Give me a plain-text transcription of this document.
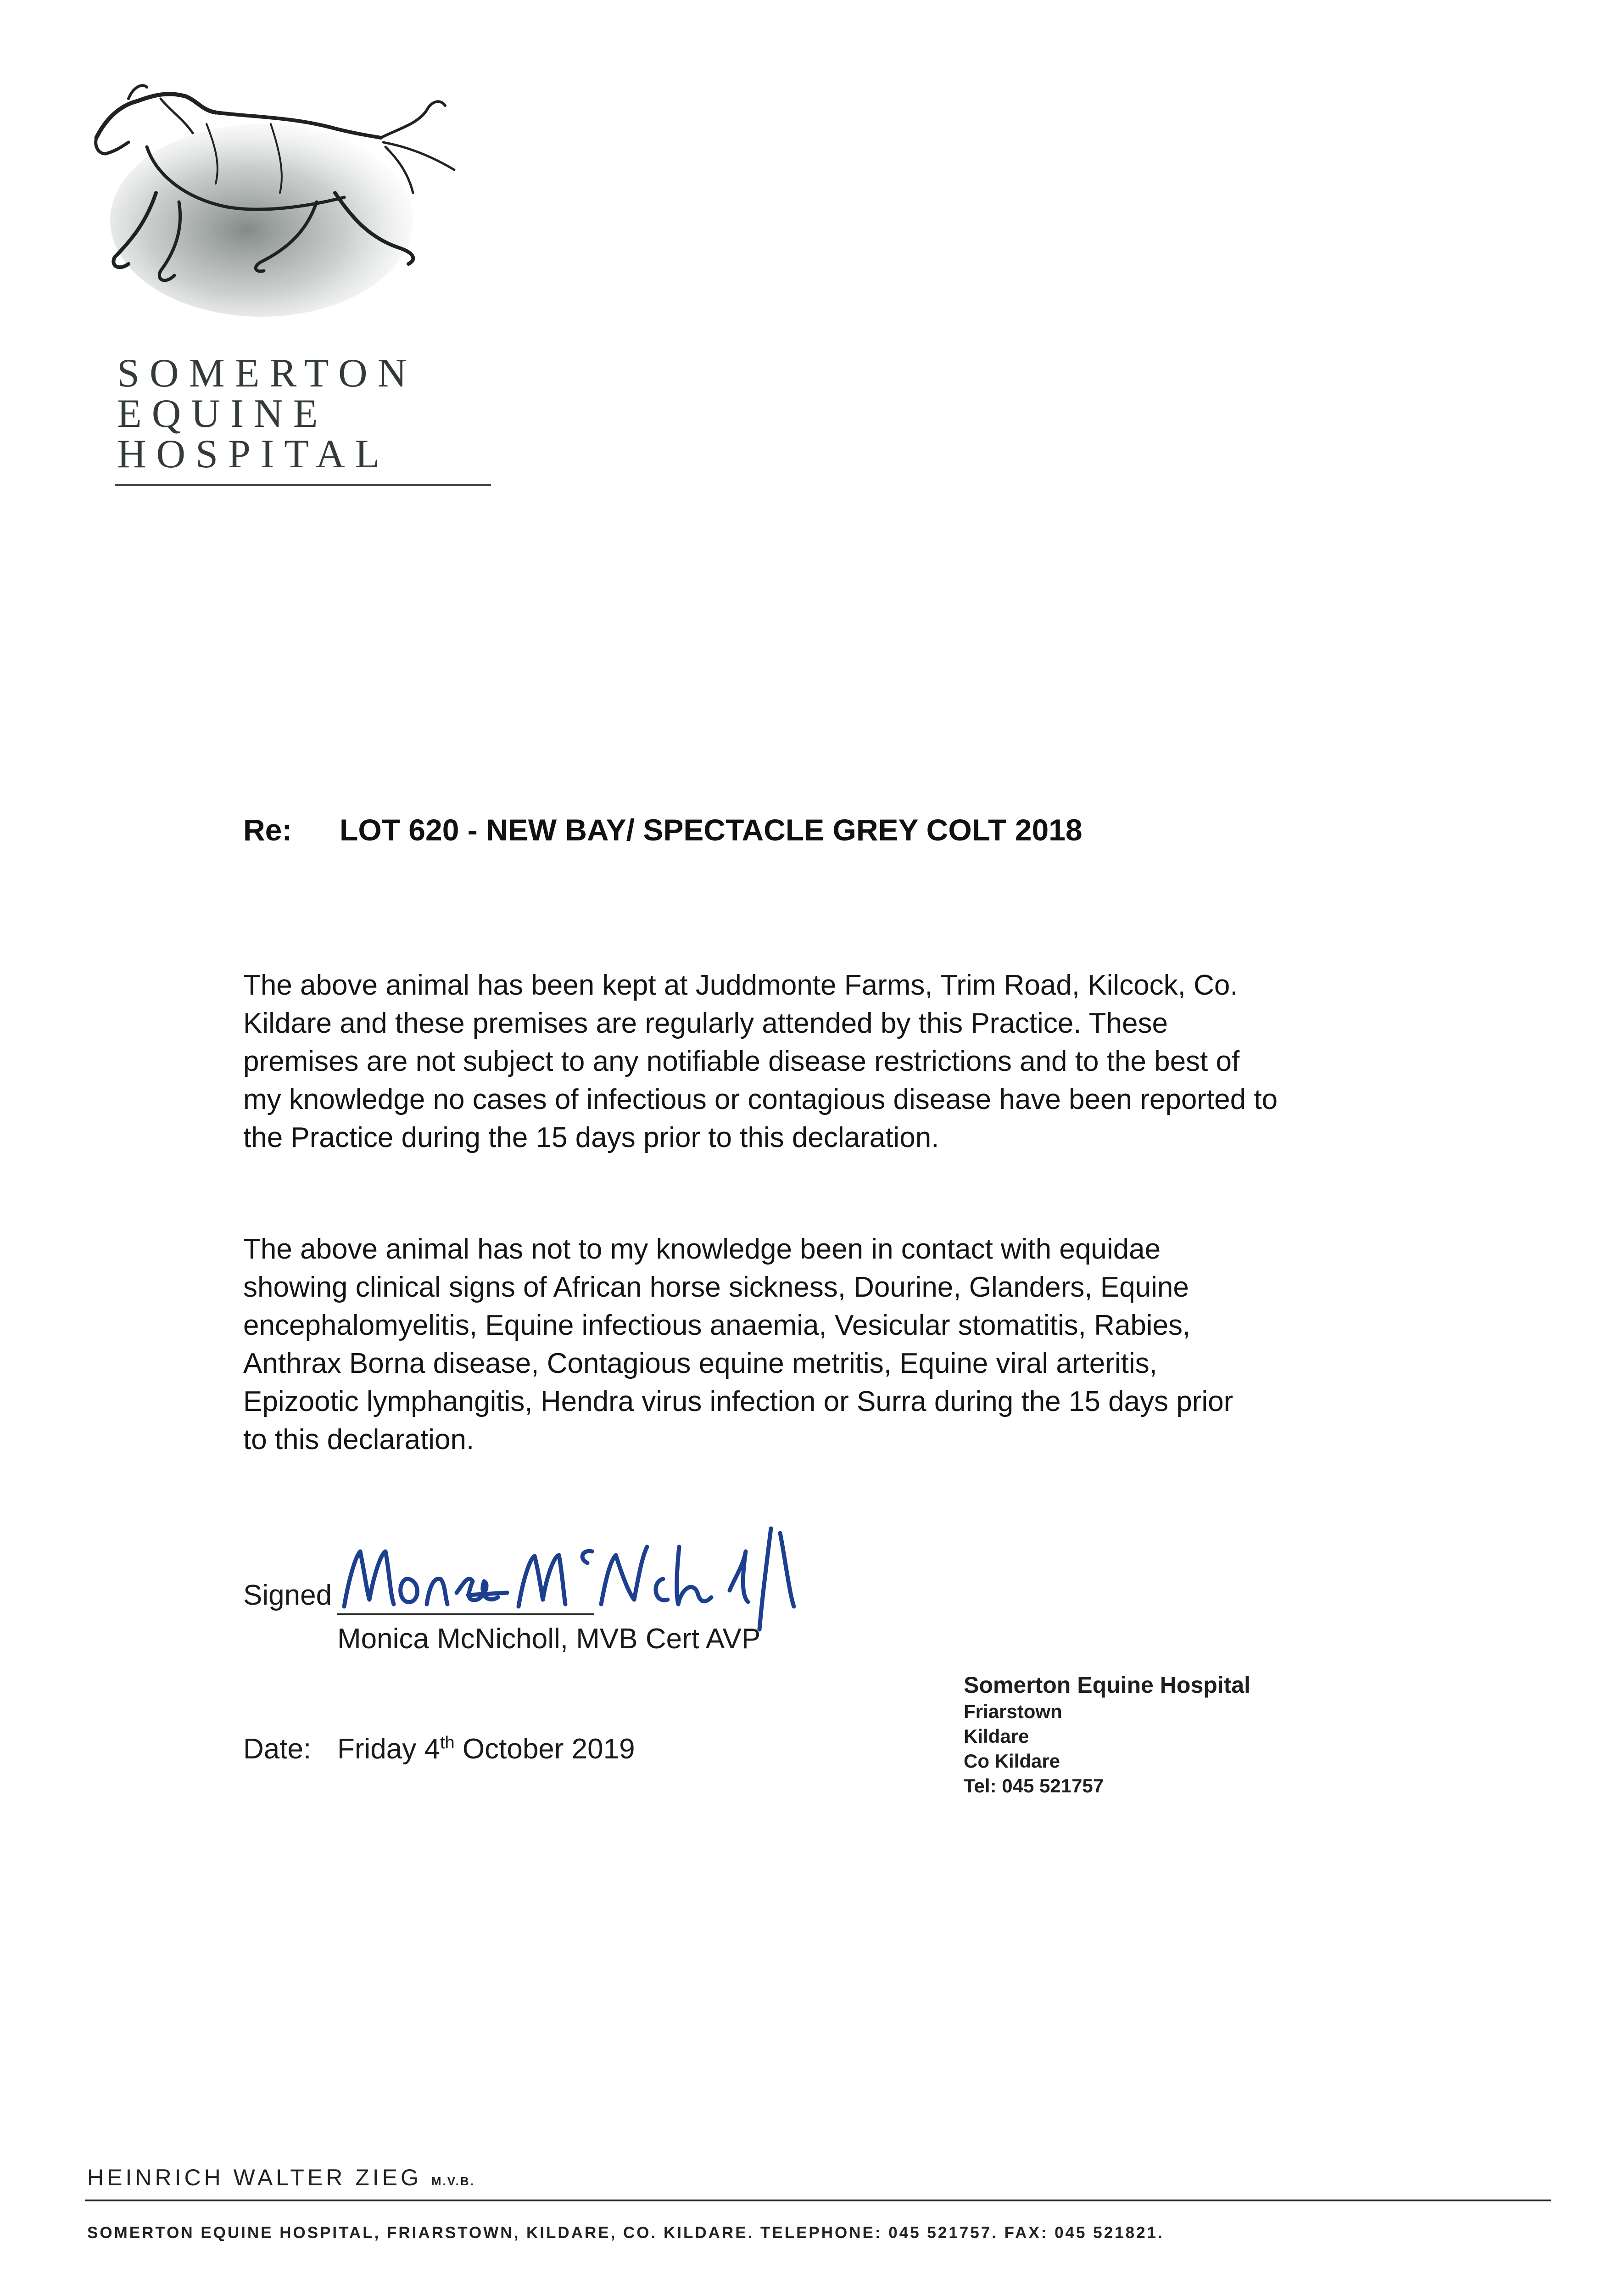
SOMERTON
EQUINE
HOSPITAL
Re: LOT 620 - NEW BAY/ SPECTACLE GREY COLT 2018
The above animal has been kept at Juddmonte Farms, Trim Road, Kilcock, Co.
Kildare and these premises are regularly attended by this Practice. These
premises are not subject to any notifiable disease restrictions and to the best of
my knowledge no cases of infectious or contagious disease have been reported to
the Practice during the 15 days prior to this declaration.
The above animal has not to my knowledge been in contact with equidae
showing clinical signs of African horse sickness, Dourine, Glanders, Equine
encephalomyelitis, Equine infectious anaemia, Vesicular stomatitis, Rabies,
Anthrax Borna disease, Contagious equine metritis, Equine viral arteritis,
Epizootic lymphangitis, Hendra virus infection or Surra during the 15 days prior
to this declaration.
Signed
Monica McNicholl, MVB Cert AVP
Date: Friday 4th October 2019
Somerton Equine Hospital
Friarstown
Kildare
Co Kildare
Tel: 045 521757
HEINRICH WALTER ZIEG M.V.B.
SOMERTON EQUINE HOSPITAL, FRIARSTOWN, KILDARE, CO. KILDARE. TELEPHONE: 045 521757. FAX: 045 521821.
